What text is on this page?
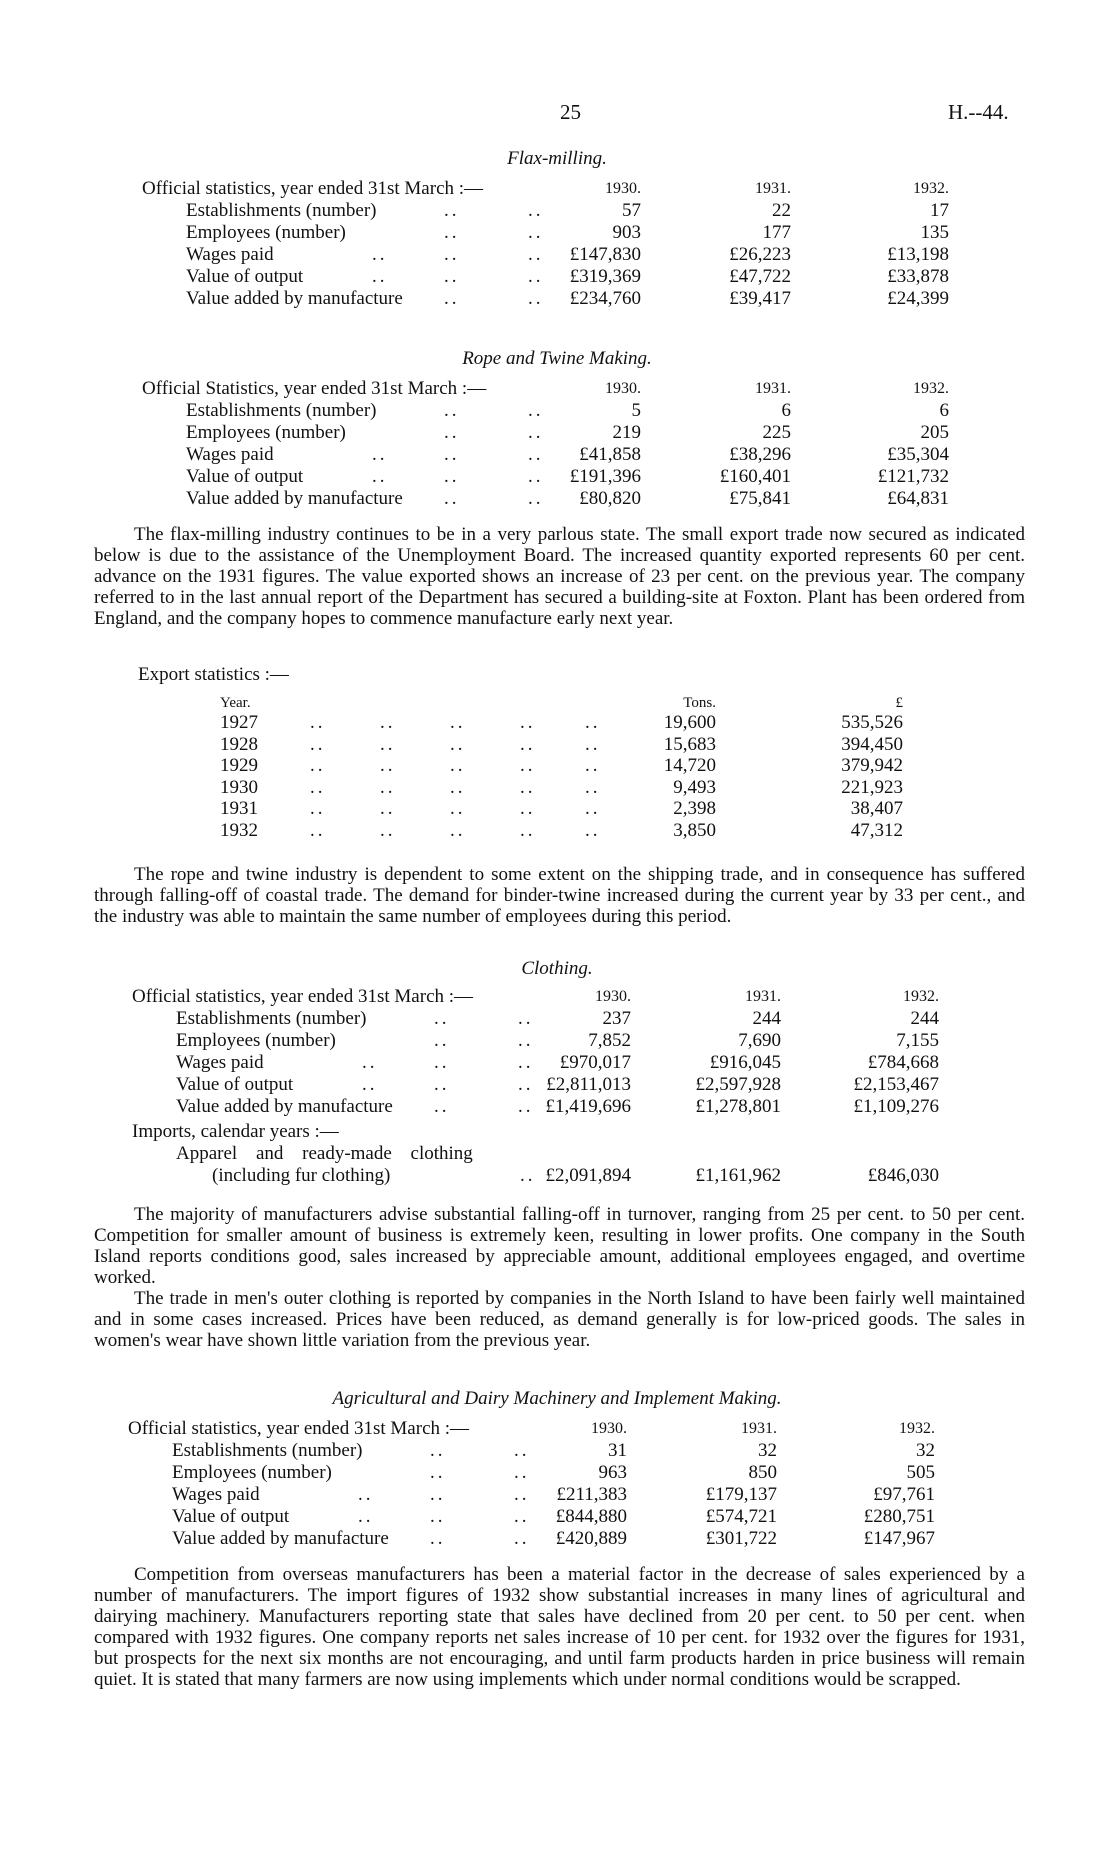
25	H.--44.
Flax-milling.
Official statistics, year ended 31st March :—	1930.	1931.	1932.
Establishments (number)	..	..	57	22	17
Employees (number)	..	..	903	177	135
Wages paid	..	..	..	£147,830	£26,223	£13,198
Value of output	..	..	..	£319,369	£47,722	£33,878
Value added by manufacture ..	..	£234,760	£39,417	£24,399
Rope and Twine Making.
Official Statistics, year ended 31st March :—	1930.	1931.	1932.
Establishments (number)	..	..	5	6	6
Employees (number)	..	..	219	225	205
Wages paid	..	..	..	£41,858	£38,296	£35,304
Value of output	..	..	..	£191,396	£160,401	£121,732
Value added by manufacture ..	..	£80,820	£75,841	£64,831

The flax-milling industry continues to be in a very parlous state. The small export trade now secured as indicated below is due to the assistance of the Unemployment Board. The increased quantity exported represents 60 per cent. advance on the 1931 figures. The value exported shows an increase of 23 per cent. on the previous year. The company referred to in the last annual report of the Department has secured a building-site at Foxton. Plant has been ordered from England, and the company hopes to commence manufacture early next year.

Export statistics :—
Year.	Tons.	£
1927	..	..	..	..	..	19,600	535,526
1928	..	..	..	..	..	15,683	394,450
1929	..	..	..	..	..	14,720	379,942
1930	..	..	..	..	..	9,493	221,923
1931	..	..	..	..	..	2,398	38,407
1932	..	..	..	..	..	3,850	47,312

The rope and twine industry is dependent to some extent on the shipping trade, and in consequence has suffered through falling-off of coastal trade. The demand for binder-twine increased during the current year by 33 per cent., and the industry was able to maintain the same number of employees during this period.

Clothing.
Imports, calendar years :—
Apparel and ready-made clothing
(including fur clothing)	.. £2,091,894	£1,161,962	£846,030
Official statistics, year ended 31st March :—	1930.	1931.	1932.
Establishments (number)	..	..	237	244	244
Employees (number)	..	..	7,852	7,690	7,155
Wages paid	..	..	..	£970,017	£916,045	£784,668
Value of output	..	..	.. £2,811,013	£2,597,928	£2,153,467
Value added by manufacture ..	.. £1,419,696	£1,278,801	£1,109,276

The majority of manufacturers advise substantial falling-off in turnover, ranging from 25 per cent. to 50 per cent. Competition for smaller amount of business is extremely keen, resulting in lower profits. One company in the South Island reports conditions good, sales increased by appreciable amount, additional employees engaged, and overtime worked.

The trade in men's outer clothing is reported by companies in the North Island to have been fairly well maintained and in some cases increased. Prices have been reduced, as demand generally is for low-priced goods. The sales in women's wear have shown little variation from the previous year.

Agricultural and Dairy Machinery and Implement Making.
Official statistics, year ended 31st March :—	1930.	1931.	1932.
Establishments (number)	..	..	31	32	32
Employees (number)	..	..	963	850	505
Wages paid	..	..	..	£211,383	£179,137	£97,761
Value of output	..	..	..	£844,880	£574,721	£280,751
Value added by manufacture ..	..	£420,889	£301,722	£147,967

Competition from overseas manufacturers has been a material factor in the decrease of sales experienced by a number of manufacturers. The import figures of 1932 show substantial increases in many lines of agricultural and dairying machinery. Manufacturers reporting state that sales have declined from 20 per cent. to 50 per cent. when compared with 1932 figures. One company reports net sales increase of 10 per cent. for 1932 over the figures for 1931, but prospects for the next six months are not encouraging, and until farm products harden in price business will remain quiet. It is stated that many farmers are now using implements which under normal conditions would be scrapped.
